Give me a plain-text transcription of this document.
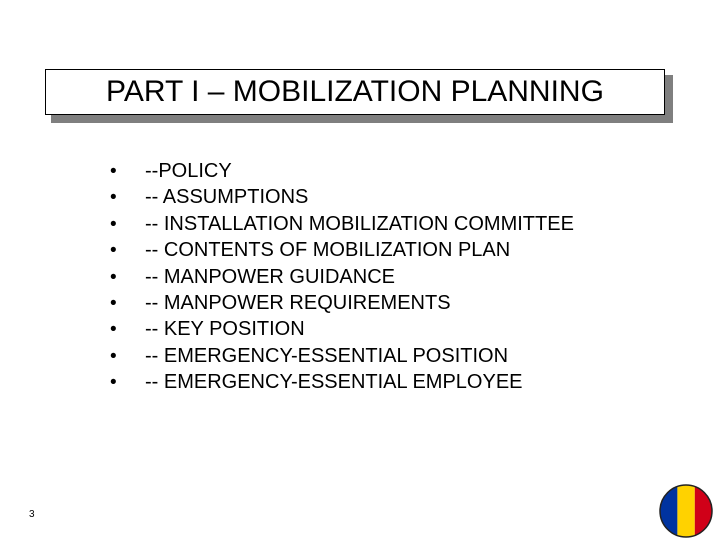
PART I – MOBILIZATION PLANNING
•	--POLICY
•	-- ASSUMPTIONS
•	-- INSTALLATION MOBILIZATION COMMITTEE
•	-- CONTENTS OF MOBILIZATION PLAN
•	-- MANPOWER GUIDANCE
•	-- MANPOWER REQUIREMENTS
•	-- KEY POSITION
•	-- EMERGENCY-ESSENTIAL POSITION
•	-- EMERGENCY-ESSENTIAL EMPLOYEE
3
